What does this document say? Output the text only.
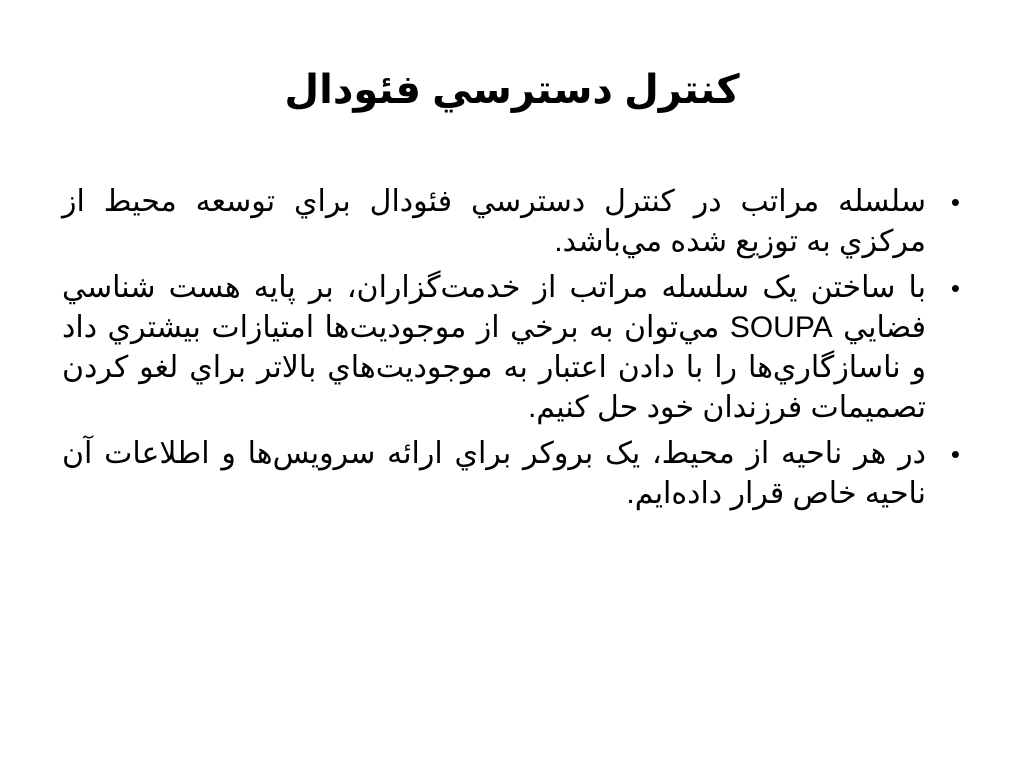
کنترل دسترسي فئودال
•
سلسله مراتب در کنترل دسترسي فئودال براي توسعه محيط از مرکزي به توزيع شده مي‌باشد.
•
با ساختن يک سلسله مراتب از خدمت‌گزاران، بر پايه هست شناسي فضايي SOUPA مي‌توان به برخي از موجوديت‌ها امتيازات بيشتري داد و ناسازگاري‌ها را با دادن اعتبار به موجوديت‌هاي بالاتر براي لغو کردن تصميمات فرزندان خود حل کنيم.
•
در هر ناحيه از محيط، يک بروکر براي ارائه سرويس‌ها و اطلاعات آن ناحيه خاص قرار داده‌ايم.
